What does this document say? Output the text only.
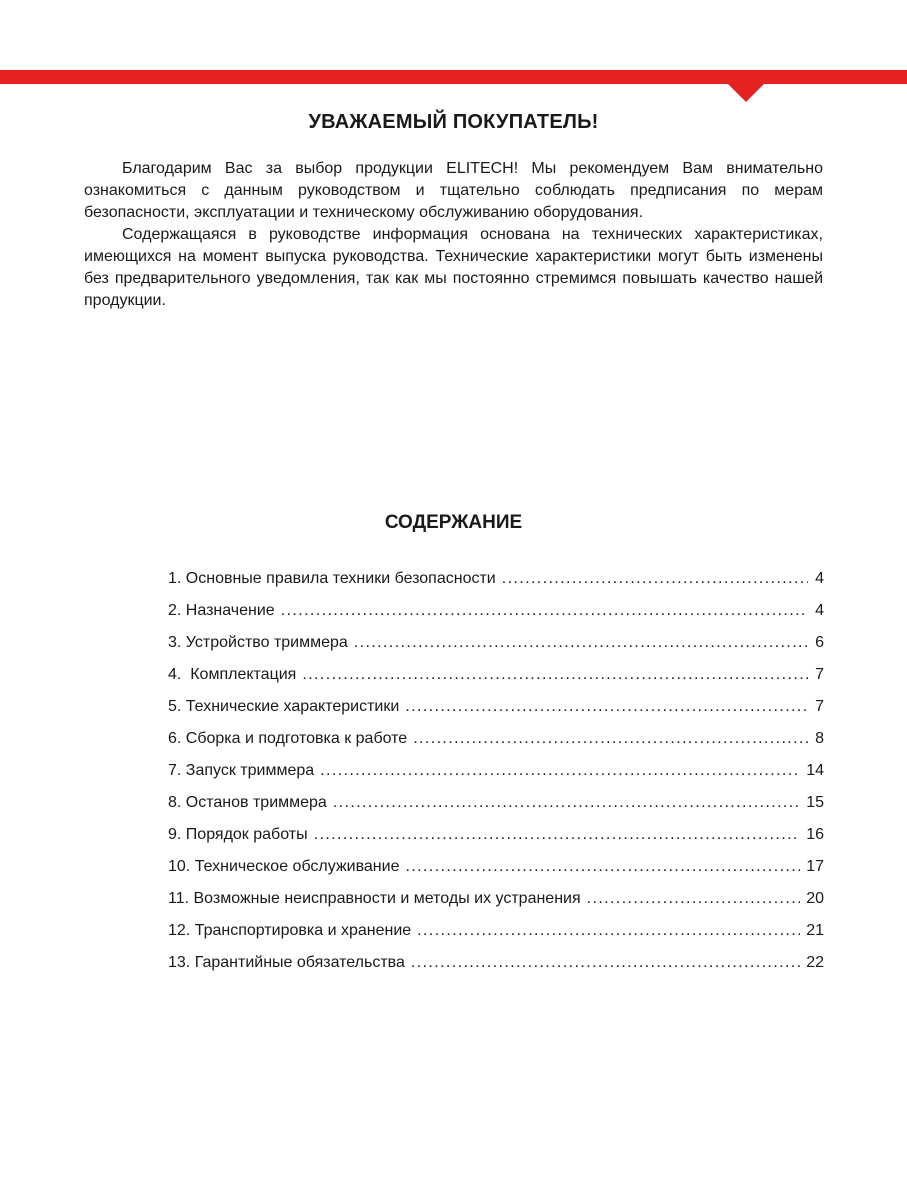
УВАЖАЕМЫЙ ПОКУПАТЕЛЬ!

Благодарим Вас за выбор продукции ELITECH! Мы рекомендуем Вам внимательно ознакомиться с данным руководством и тщательно соблюдать предписания по мерам безопасности, эксплуатации и техническому обслуживанию оборудования.

Содержащаяся в руководстве информация основана на технических характеристиках, имеющихся на момент выпуска руководства. Технические характеристики могут быть изменены без предварительного уведомления, так как мы постоянно стремимся повышать качество нашей продукции.

СОДЕРЖАНИЕ
1. Основные правила техники безопасности .....	4
2. Назначение .....	4
3. Устройство триммера .....	6
4.  Комплектация .....	7
5. Технические характеристики .....	7
6. Сборка и подготовка к работе .....	8
7. Запуск триммера .....	14
8. Останов триммера .....	15
9. Порядок работы .....	16
10. Техническое обслуживание .....	17
11. Возможные неисправности и методы их устранения .....	20
12. Транспортировка и хранение .....	21
13. Гарантийные обязательства .....	22
